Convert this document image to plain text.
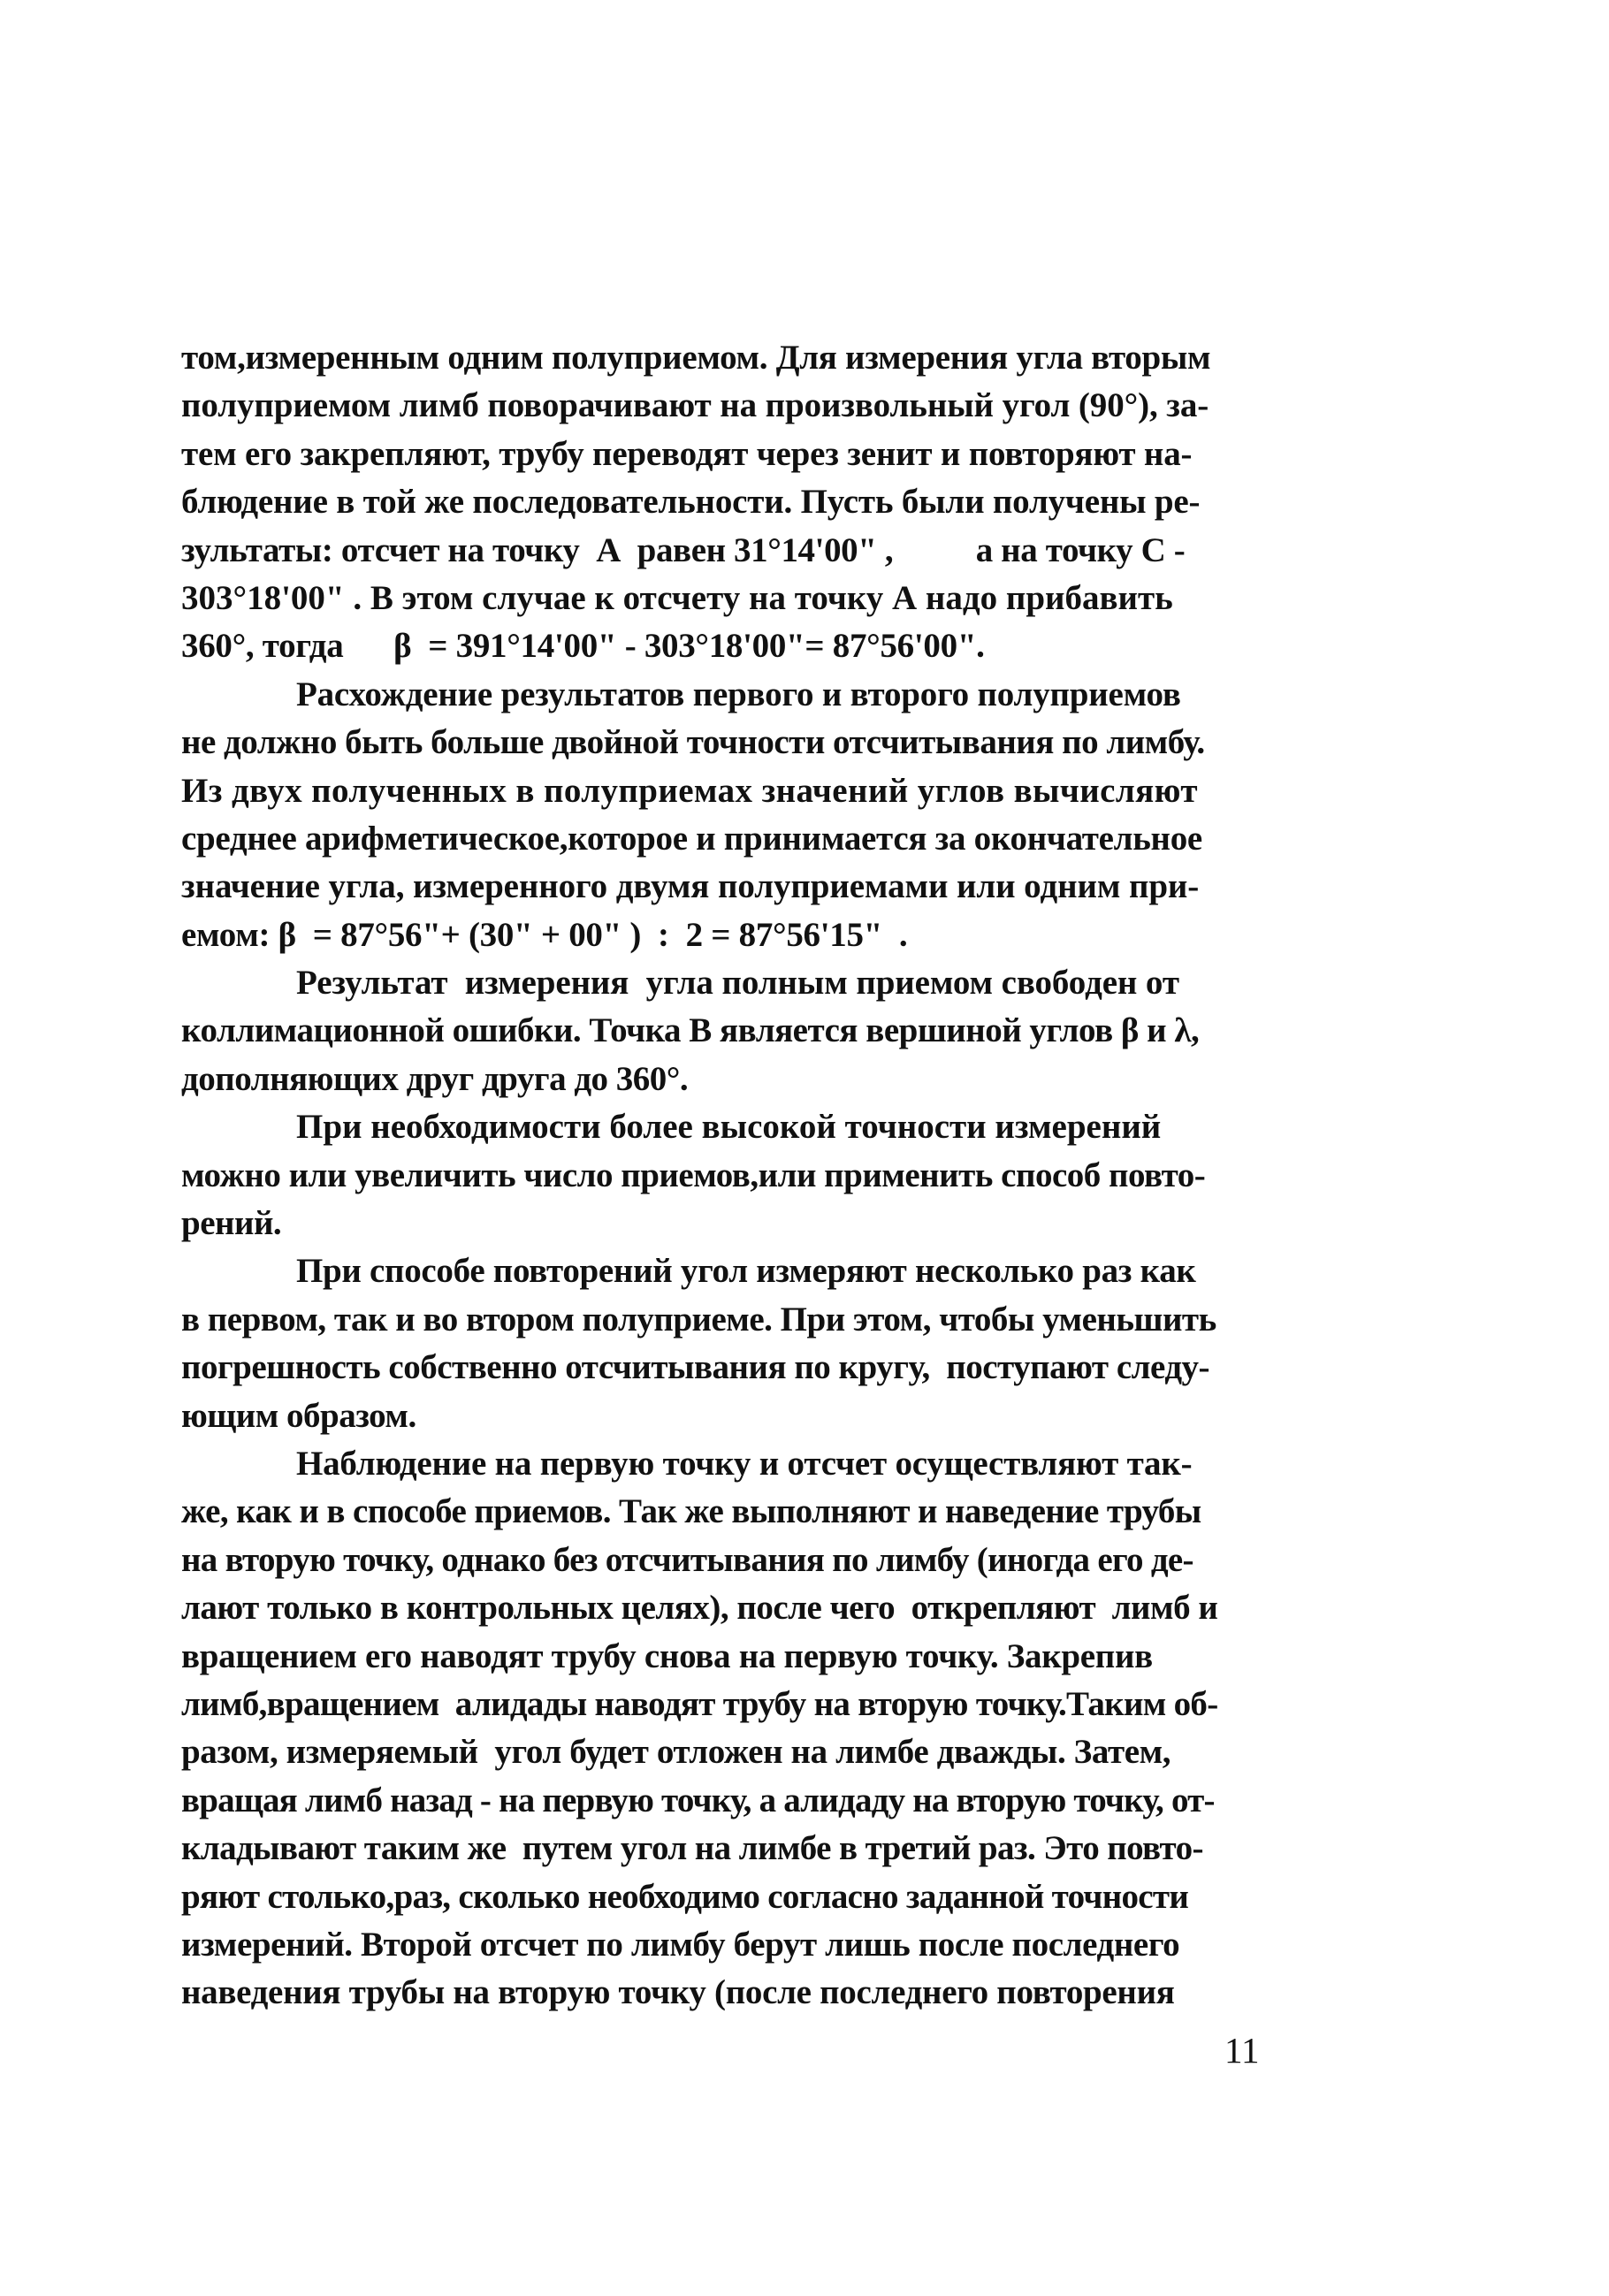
том,измеренным одним полуприемом. Для измерения угла вторым
полуприемом лимб поворачивают на произвольный угол (90°), за-
тем его закрепляют, трубу переводят через зенит и повторяют на-
блюдение в той же последовательности. Пусть были получены ре-
зультаты: отсчет на точку  А  равен 31°14'00" ,          а на точку С -
303°18'00" . В этом случае к отсчету на точку А надо прибавить
360°, тогда      β  = 391°14'00" - 303°18'00"= 87°56'00".
Расхождение результатов первого и второго полуприемов
не должно быть больше двойной точности отсчитывания по лимбу.
Из двух полученных в полуприемах значений углов вычисляют
среднее арифметическое,которое и принимается за окончательное
значение угла, измеренного двумя полуприемами или одним при-
емом: β  = 87°56"+ (30" + 00" )  :  2 = 87°56'15"  .
Результат  измерения  угла полным приемом свободен от
коллимационной ошибки. Точка В является вершиной углов β и λ,
дополняющих друг друга до 360°.
При необходимости более высокой точности измерений
можно или увеличить число приемов,или применить способ повто-
рений.
При способе повторений угол измеряют несколько раз как
в первом, так и во втором полуприеме. При этом, чтобы уменьшить
погрешность собственно отсчитывания по кругу,  поступают следу-
ющим образом.
Наблюдение на первую точку и отсчет осуществляют так-
же, как и в способе приемов. Так же выполняют и наведение трубы
на вторую точку, однако без отсчитывания по лимбу (иногда его де-
лают только в контрольных целях), после чего  открепляют  лимб и
вращением его наводят трубу снова на первую точку. Закрепив
лимб,вращением  алидады наводят трубу на вторую точку.Таким об-
разом, измеряемый  угол будет отложен на лимбе дважды. Затем,
вращая лимб назад - на первую точку, а алидаду на вторую точку, от-
кладывают таким же  путем угол на лимбе в третий раз. Это повто-
ряют столько,раз, сколько необходимо согласно заданной точности
измерений. Второй отсчет по лимбу берут лишь после последнего
наведения трубы на вторую точку (после последнего повторения
11
